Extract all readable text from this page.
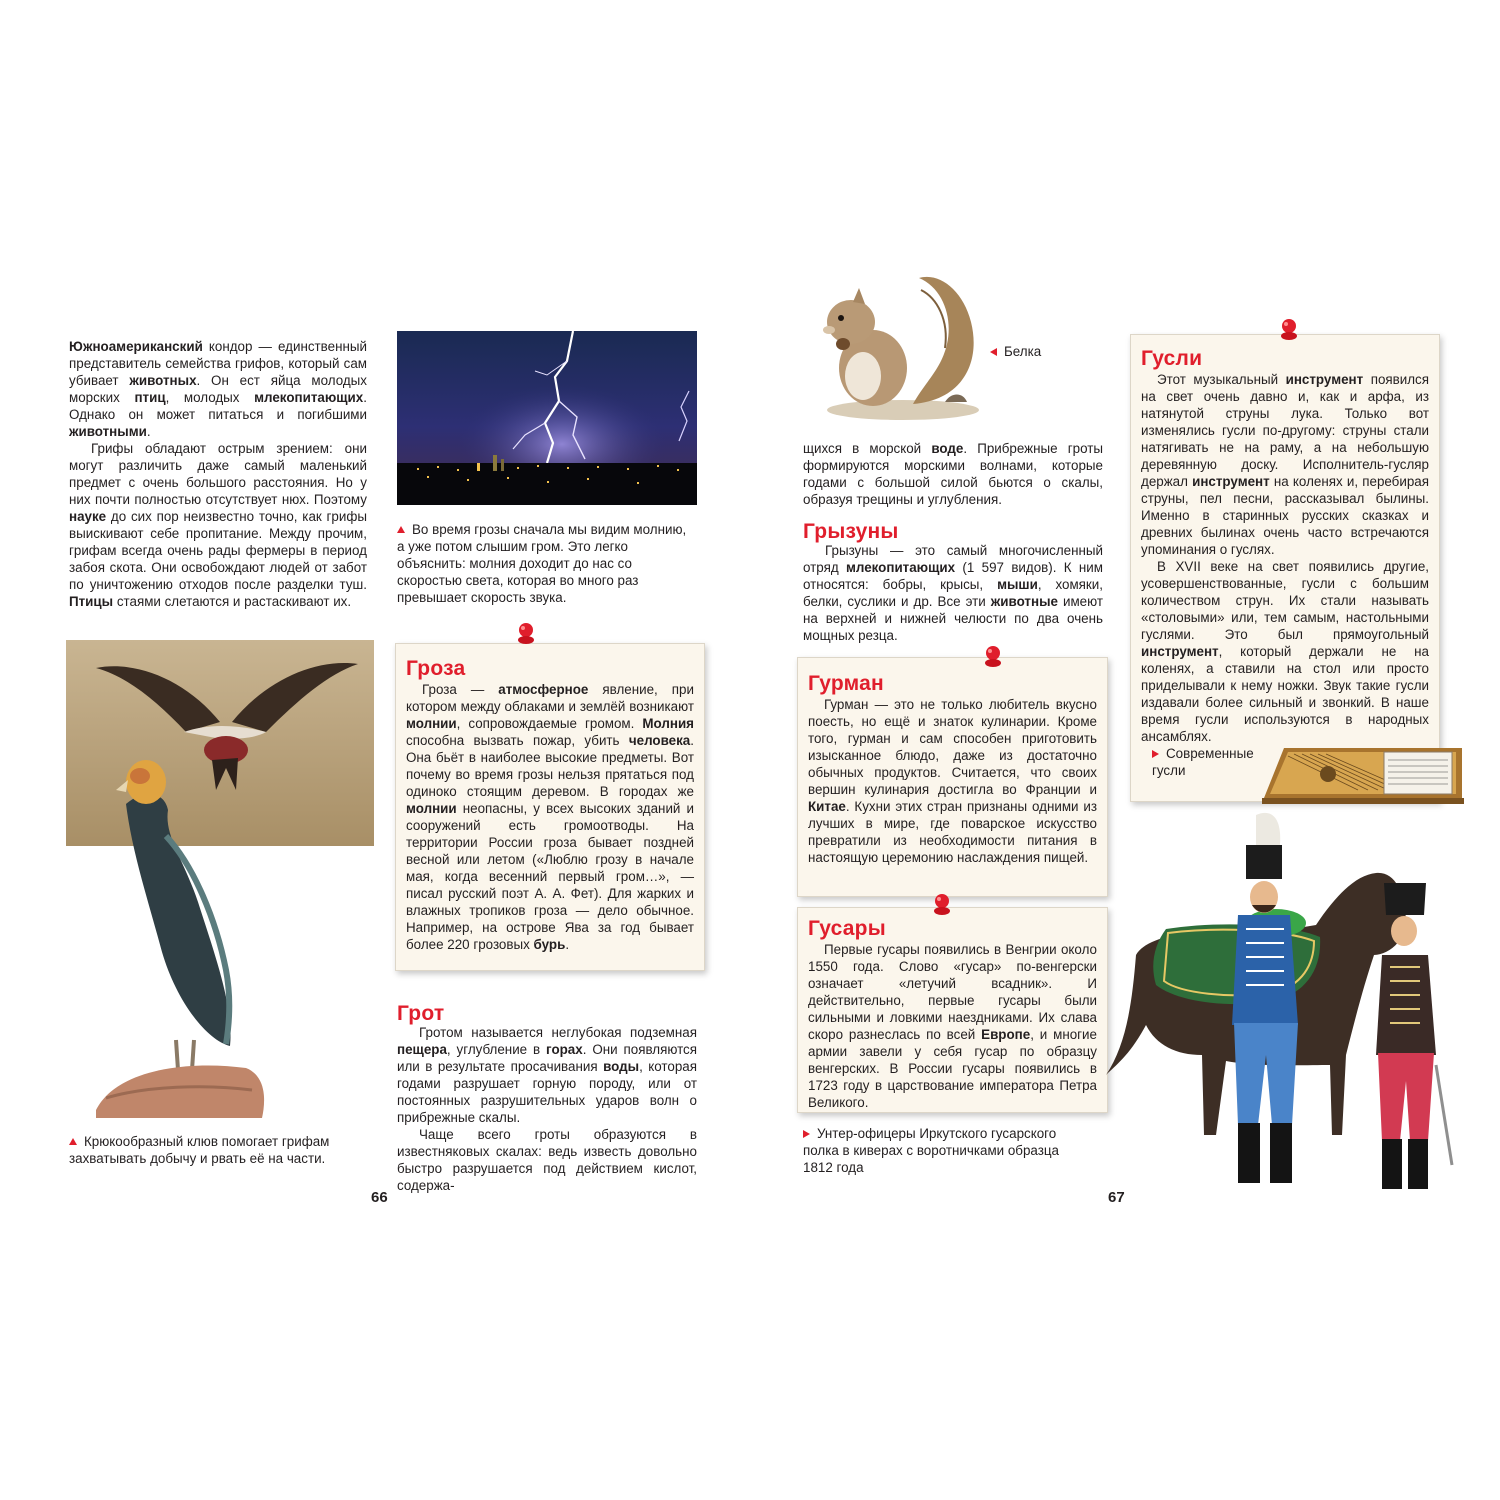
Южноамериканский кондор — единственный представитель семейства грифов, который сам убивает животных. Он ест яйца молодых морских птиц, молодых млекопитающих. Однако он может питаться и погибшими животными.

Грифы обладают острым зрением: они могут различить даже самый маленький предмет с очень большого расстояния. Но у них почти полностью отсутствует нюх. Поэтому науке до сих пор неизвестно точно, как грифы выискивают себе пропитание. Между прочим, грифам всегда очень рады фермеры в период забоя скота. Они освобождают людей от забот по уничтожению отходов после разделки туш. Птицы стаями слетаются и растаскивают их.

Во время грозы сначала мы видим молнию, а уже потом слышим гром. Это легко объяснить: молния доходит до нас со скоростью света, которая во много раз превышает скорость звука.
Крюкообразный клюв помогает грифам захватывать добычу и рвать её на части.
Гроза

Гроза — атмосферное явление, при котором между облаками и землёй возникают молнии, сопровождаемые громом. Молния способна вызвать пожар, убить человека. Она бьёт в наиболее высокие предметы. Вот почему во время грозы нельзя прятаться под одиноко стоящим деревом. В городах же молнии неопасны, у всех высоких зданий и сооружений есть громоотводы. На территории России гроза бывает поздней весной или летом («Люблю грозу в начале мая, когда весенний первый гром…», — писал русский поэт А. А. Фет). Для жарких и влажных тропиков гроза — дело обычное. Например, на острове Ява за год бывает более 220 грозовых бурь.

Грот

Гротом называется неглубокая подземная пещера, углубление в горах. Они появляются или в результате просачивания воды, которая годами разрушает горную породу, или от постоянных разрушительных ударов волн о прибрежные скалы.

Чаще всего гроты образуются в известняковых скалах: ведь известь довольно быстро разрушается под действием кислот, содержа-

66
Белка

щихся в морской воде. Прибрежные гроты формируются морскими волнами, которые годами с большой силой бьются о скалы, образуя трещины и углубления.

Грызуны

Грызуны — это самый многочисленный отряд млекопитающих (1 597 видов). К ним относятся: бобры, крысы, мыши, хомяки, белки, суслики и др. Все эти животные имеют на верхней и нижней челюсти по два очень мощных резца.

Гурман

Гурман — это не только любитель вкусно поесть, но ещё и знаток кулинарии. Кроме того, гурман и сам способен приготовить изысканное блюдо, даже из достаточно обычных продуктов. Считается, что своих вершин кулинария достигла во Франции и Китае. Кухни этих стран признаны одними из лучших в мире, где поварское искусство превратили из необходимости питания в настоящую церемонию наслаждения пищей.

Гусары

Первые гусары появились в Венгрии около 1550 года. Слово «гусар» по-венгерски означает «летучий всадник». И действительно, первые гусары были сильными и ловкими наездниками. Их слава скоро разнеслась по всей Европе, и многие армии завели у себя гусар по образцу венгерских. В России гусары появились в 1723 году в царствование императора Петра Великого.

Унтер-офицеры Иркутского гусарского полка в киверах с воротничками образца 1812 года
67
Гусли

Этот музыкальный инструмент появился на свет очень давно и, как и арфа, из натянутой струны лука. Только вот изменялись гусли по-другому: струны стали натягивать не на раму, а на небольшую деревянную доску. Исполнитель-гусляр держал инструмент на коленях и, перебирая струны, пел песни, рассказывал былины. Именно в старинных русских сказках и древних былинах очень часто встречаются упоминания о гуслях.

В XVII веке на свет появились другие, усовершенствованные, гусли с большим количеством струн. Их стали называть «столовыми» или, тем самым, настольными гуслями. Это был прямоугольный инструмент, который держали не на коленях, а ставили на стол или просто приделывали к нему ножки. Звук такие гусли издавали более сильный и звонкий. В наше время гусли используются в народных ансамблях.

Современные гусли
